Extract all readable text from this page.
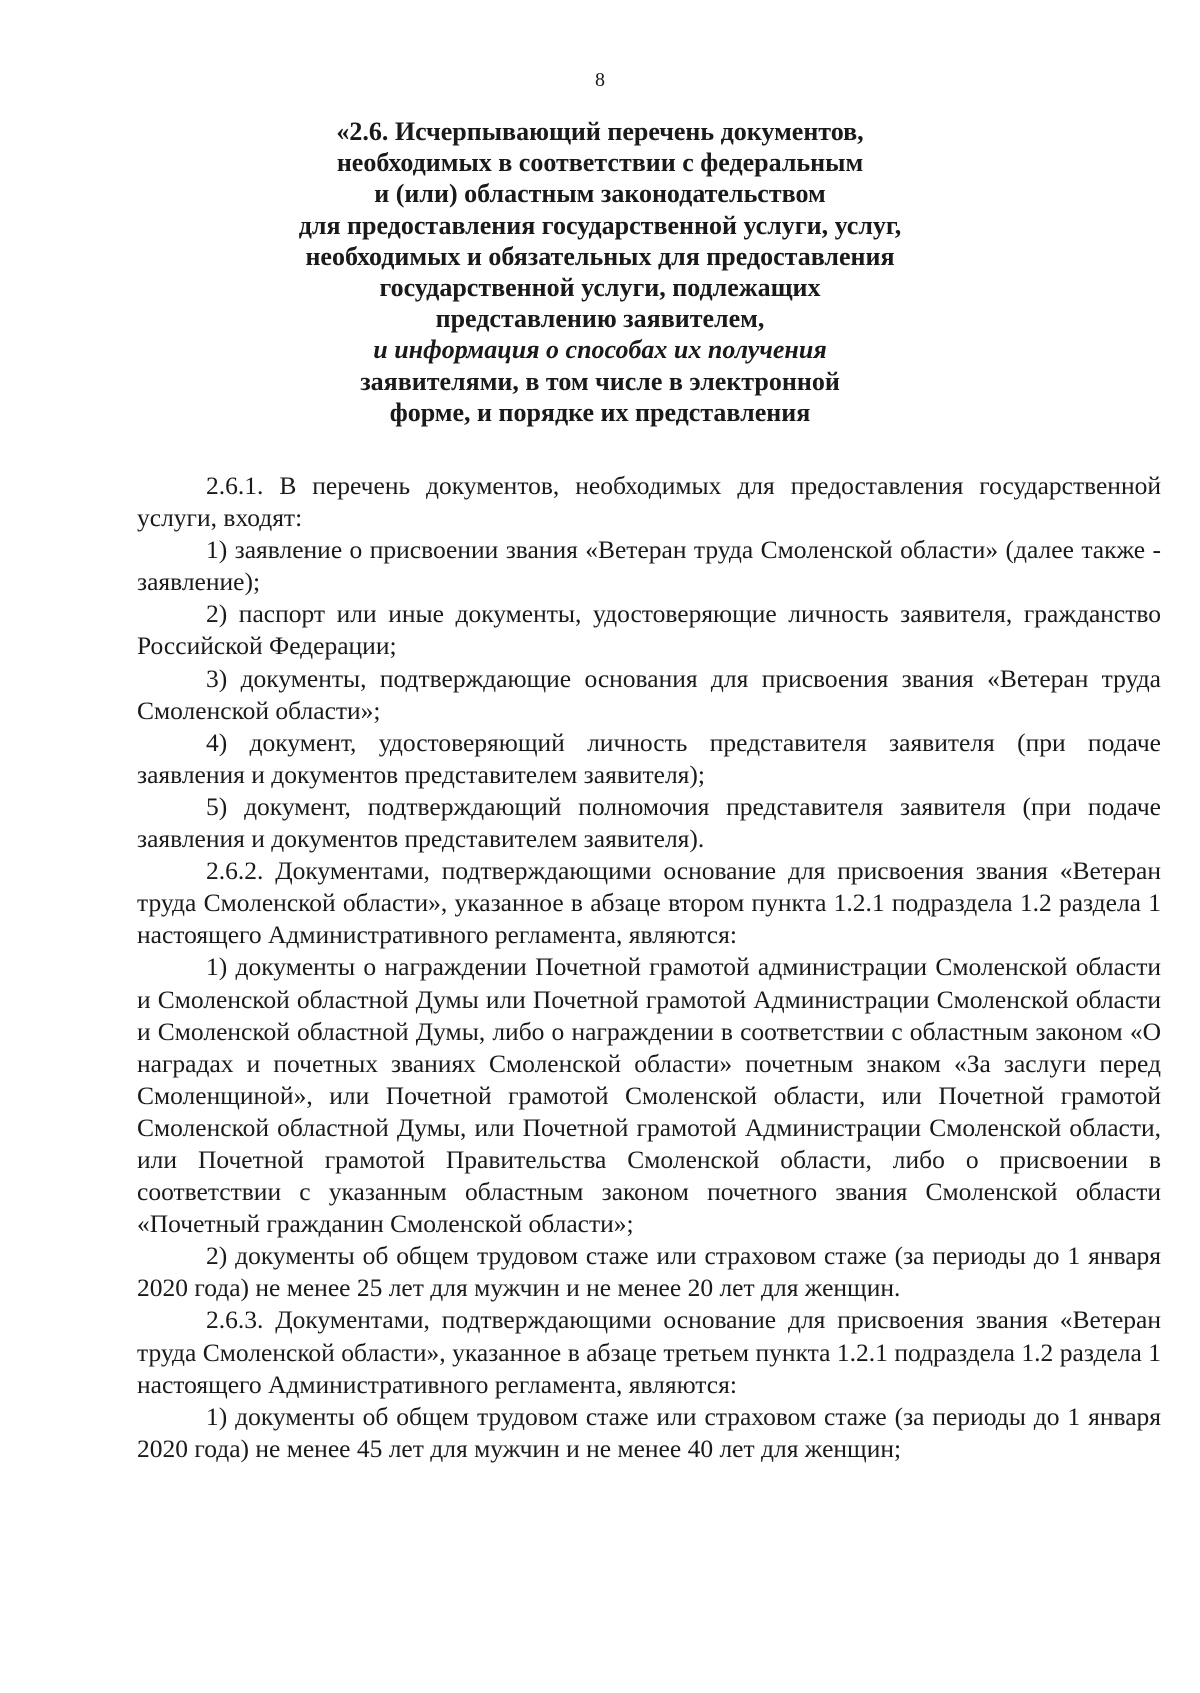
8
«2.6. Исчерпывающий перечень документов,
необходимых в соответствии с федеральным
и (или) областным законодательством
для предоставления государственной услуги, услуг,
необходимых и обязательных для предоставления
государственной услуги, подлежащих
представлению заявителем,
и информация о способах их получения
заявителями, в том числе в электронной
форме, и порядке их представления

2.6.1. В перечень документов, необходимых для предоставления государственной услуги, входят:

1) заявление о присвоении звания «Ветеран труда Смоленской области» (далее также - заявление);

2) паспорт или иные документы, удостоверяющие личность заявителя, гражданство Российской Федерации;

3) документы, подтверждающие основания для присвоения звания «Ветеран труда Смоленской области»;

4) документ, удостоверяющий личность представителя заявителя (при подаче заявления и документов представителем заявителя);

5) документ, подтверждающий полномочия представителя заявителя (при подаче заявления и документов представителем заявителя).

2.6.2. Документами, подтверждающими основание для присвоения звания «Ветеран труда Смоленской области», указанное в абзаце втором пункта 1.2.1 подраздела 1.2 раздела 1 настоящего Административного регламента, являются:

1) документы о награждении Почетной грамотой администрации Смоленской области и Смоленской областной Думы или Почетной грамотой Администрации Смоленской области и Смоленской областной Думы, либо о награждении в соответствии с областным законом «О наградах и почетных званиях Смоленской области» почетным знаком «За заслуги перед Смоленщиной», или Почетной грамотой Смоленской области, или Почетной грамотой Смоленской областной Думы, или Почетной грамотой Администрации Смоленской области, или Почетной грамотой Правительства Смоленской области, либо о присвоении в соответствии с указанным областным законом почетного звания Смоленской области «Почетный гражданин Смоленской области»;

2) документы об общем трудовом стаже или страховом стаже (за периоды до 1 января 2020 года) не менее 25 лет для мужчин и не менее 20 лет для женщин.

2.6.3. Документами, подтверждающими основание для присвоения звания «Ветеран труда Смоленской области», указанное в абзаце третьем пункта 1.2.1 подраздела 1.2 раздела 1 настоящего Административного регламента, являются:

1) документы об общем трудовом стаже или страховом стаже (за периоды до 1 января 2020 года) не менее 45 лет для мужчин и не менее 40 лет для женщин;
